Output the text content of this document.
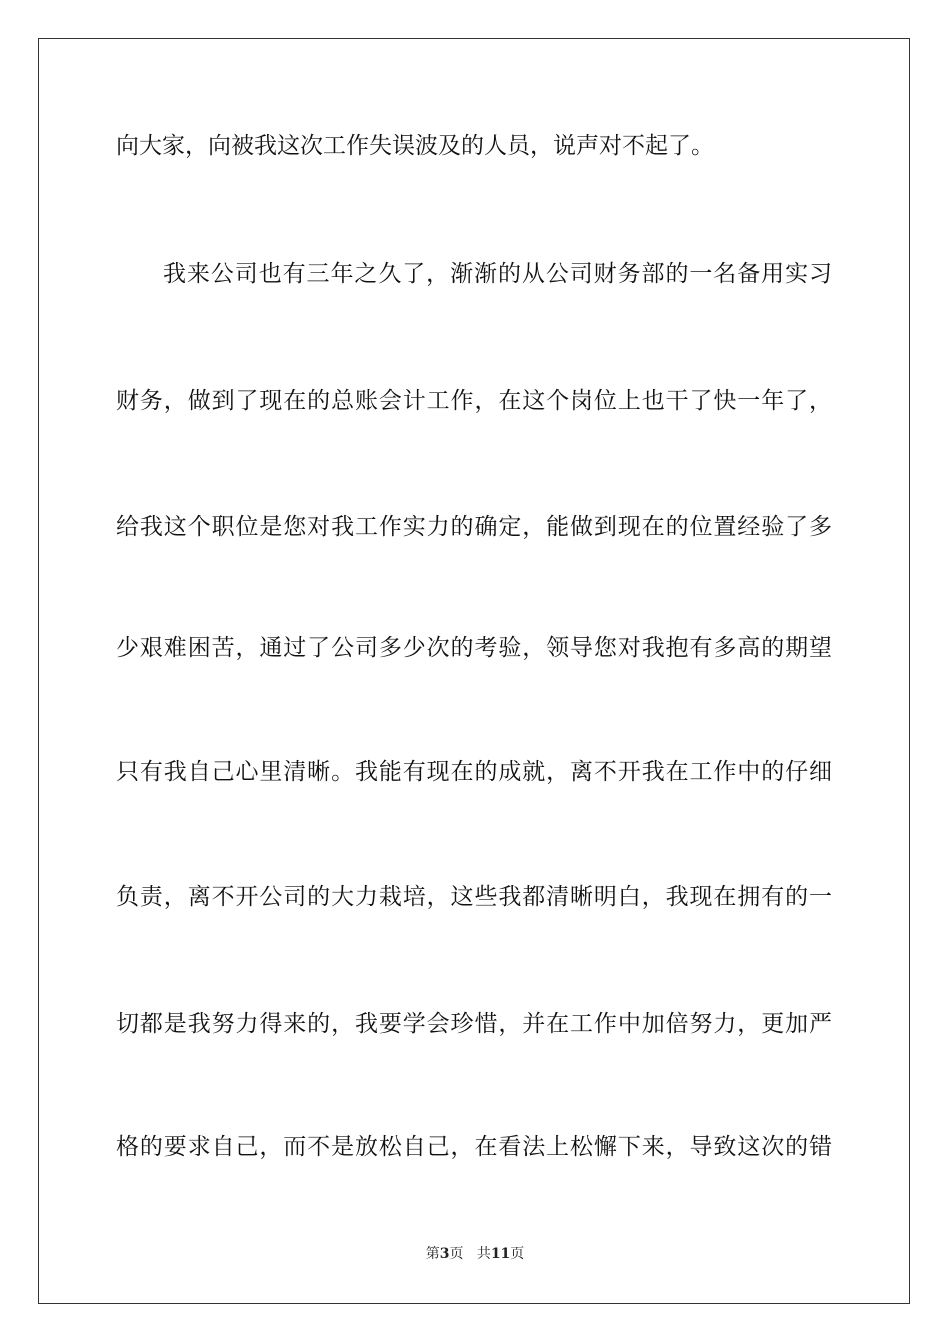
向大家，向被我这次工作失误波及的人员，说声对不起了。
我来公司也有三年之久了，渐渐的从公司财务部的一名备用实习
财务，做到了现在的总账会计工作，在这个岗位上也干了快一年了，
给我这个职位是您对我工作实力的确定，能做到现在的位置经验了多
少艰难困苦，通过了公司多少次的考验，领导您对我抱有多高的期望
只有我自己心里清晰。我能有现在的成就，离不开我在工作中的仔细
负责，离不开公司的大力栽培，这些我都清晰明白，我现在拥有的一
切都是我努力得来的，我要学会珍惜，并在工作中加倍努力，更加严
格的要求自己，而不是放松自己，在看法上松懈下来，导致这次的错
第3页 共11页
